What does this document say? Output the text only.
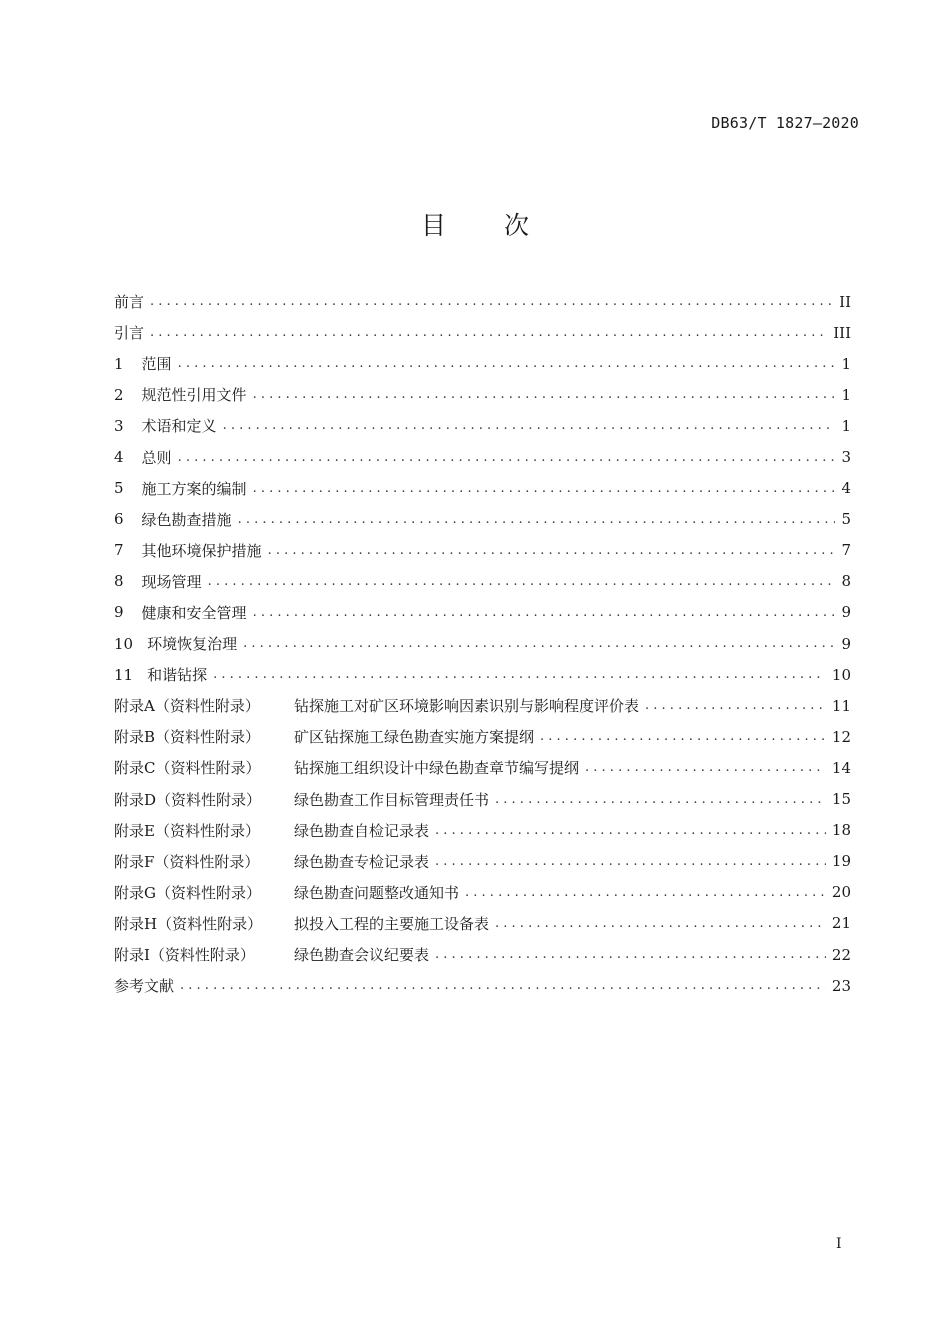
DB63/T 1827—2020
目 次
前言 . . .	II
引言 . . .	III
1 范围 . . .	1
2 规范性引用文件 . . .	1
3 术语和定义 . . .	1
4 总则 . . .	3
5 施工方案的编制 . . .	4
6 绿色勘查措施 . . .	5
7 其他环境保护措施 . . .	7
8 现场管理 . . .	8
9 健康和安全管理 . . .	9
10 环境恢复治理 . . .	9
11 和谐钻探 . . .	10
附录A（资料性附录）	钻探施工对矿区环境影响因素识别与影响程度评价表 . . .	11
附录B（资料性附录）	矿区钻探施工绿色勘查实施方案提纲 . . .	12
附录C（资料性附录）	钻探施工组织设计中绿色勘查章节编写提纲 . . .	14
附录D（资料性附录）	绿色勘查工作目标管理责任书 . . .	15
附录E（资料性附录）	绿色勘查自检记录表 . . .	18
附录F（资料性附录）	绿色勘查专检记录表 . . .	19
附录G（资料性附录）	绿色勘查问题整改通知书 . . .	20
附录H（资料性附录）	拟投入工程的主要施工设备表 . . .	21
附录I（资料性附录）	绿色勘查会议纪要表 . . .	22
参考文献 . . .	23
I
